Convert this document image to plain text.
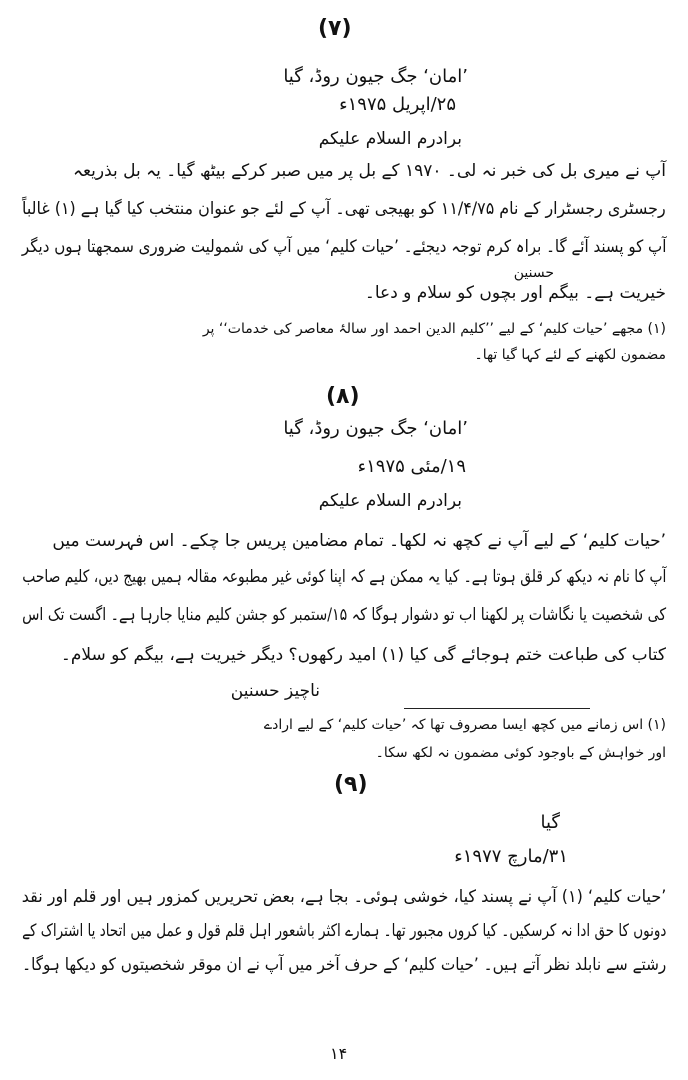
(۷)
’امان‘ جگ جیون روڈ، گیا
۲۵/اپریل ۱۹۷۵ء
برادرم السلام علیکم
آپ نے میری بل کی خبر نہ لی۔ ۱۹۷۰ کے بل پر میں صبر کرکے بیٹھ گیا۔ یہ بل بذریعہ
رجسٹری رجسٹرار کے نام ۱۱/۴/۷۵ کو بھیجی تھی۔ آپ کے لئے جو عنوان منتخب کیا گیا ہے (۱) غالباً
آپ کو پسند آئے گا۔ براہ کرم توجہ دیجئے۔ ’حیات کلیم‘ میں آپ کی شمولیت ضروری سمجھتا ہوں دیگر
خیریت ہے۔ بیگم اور بچوں کو سلام و دعا۔
حسنین
(۱) مجھے ’حیات کلیم‘ کے لیے ’’کلیم الدین احمد اور سالۂ معاصر کی خدمات‘‘ پر
مضمون لکھنے کے لئے کہا گیا تھا۔
(۸)
’امان‘ جگ جیون روڈ، گیا
۱۹/مئی ۱۹۷۵ء
برادرم السلام علیکم
’حیات کلیم‘ کے لیے آپ نے کچھ نہ لکھا۔ تمام مضامین پریس جا چکے۔ اس فہرست میں
آپ کا نام نہ دیکھ کر قلق ہوتا ہے۔ کیا یہ ممکن ہے کہ اپنا کوئی غیر مطبوعہ مقالہ ہمیں بھیج دیں، کلیم صاحب
کی شخصیت یا نگاشات پر لکھنا اب تو دشوار ہوگا کہ ۱۵/ستمبر کو جشن کلیم منایا جارہا ہے۔ اگست تک اس
کتاب کی طباعت ختم ہوجائے گی کیا (۱) امید رکھوں؟ دیگر خیریت ہے، بیگم کو سلام۔
ناچیز حسنین
(۱) اس زمانے میں کچھ ایسا مصروف تھا کہ ’حیات کلیم‘ کے لیے ارادے
اور خواہش کے باوجود کوئی مضمون نہ لکھ سکا۔
(۹)
گیا
۳۱/مارچ ۱۹۷۷ء
’حیات کلیم‘ (۱) آپ نے پسند کیا، خوشی ہوئی۔ بجا ہے، بعض تحریریں کمزور ہیں اور قلم اور نقد
دونوں کا حق ادا نہ کرسکیں۔ کیا کروں مجبور تھا۔ ہمارے اکثر باشعور اہل قلم قول و عمل میں اتحاد یا اشتراک کے
رشتے سے نابلد نظر آتے ہیں۔ ’حیات کلیم‘ کے حرف آخر میں آپ نے ان موقر شخصیتوں کو دیکھا ہوگا۔
۱۴
